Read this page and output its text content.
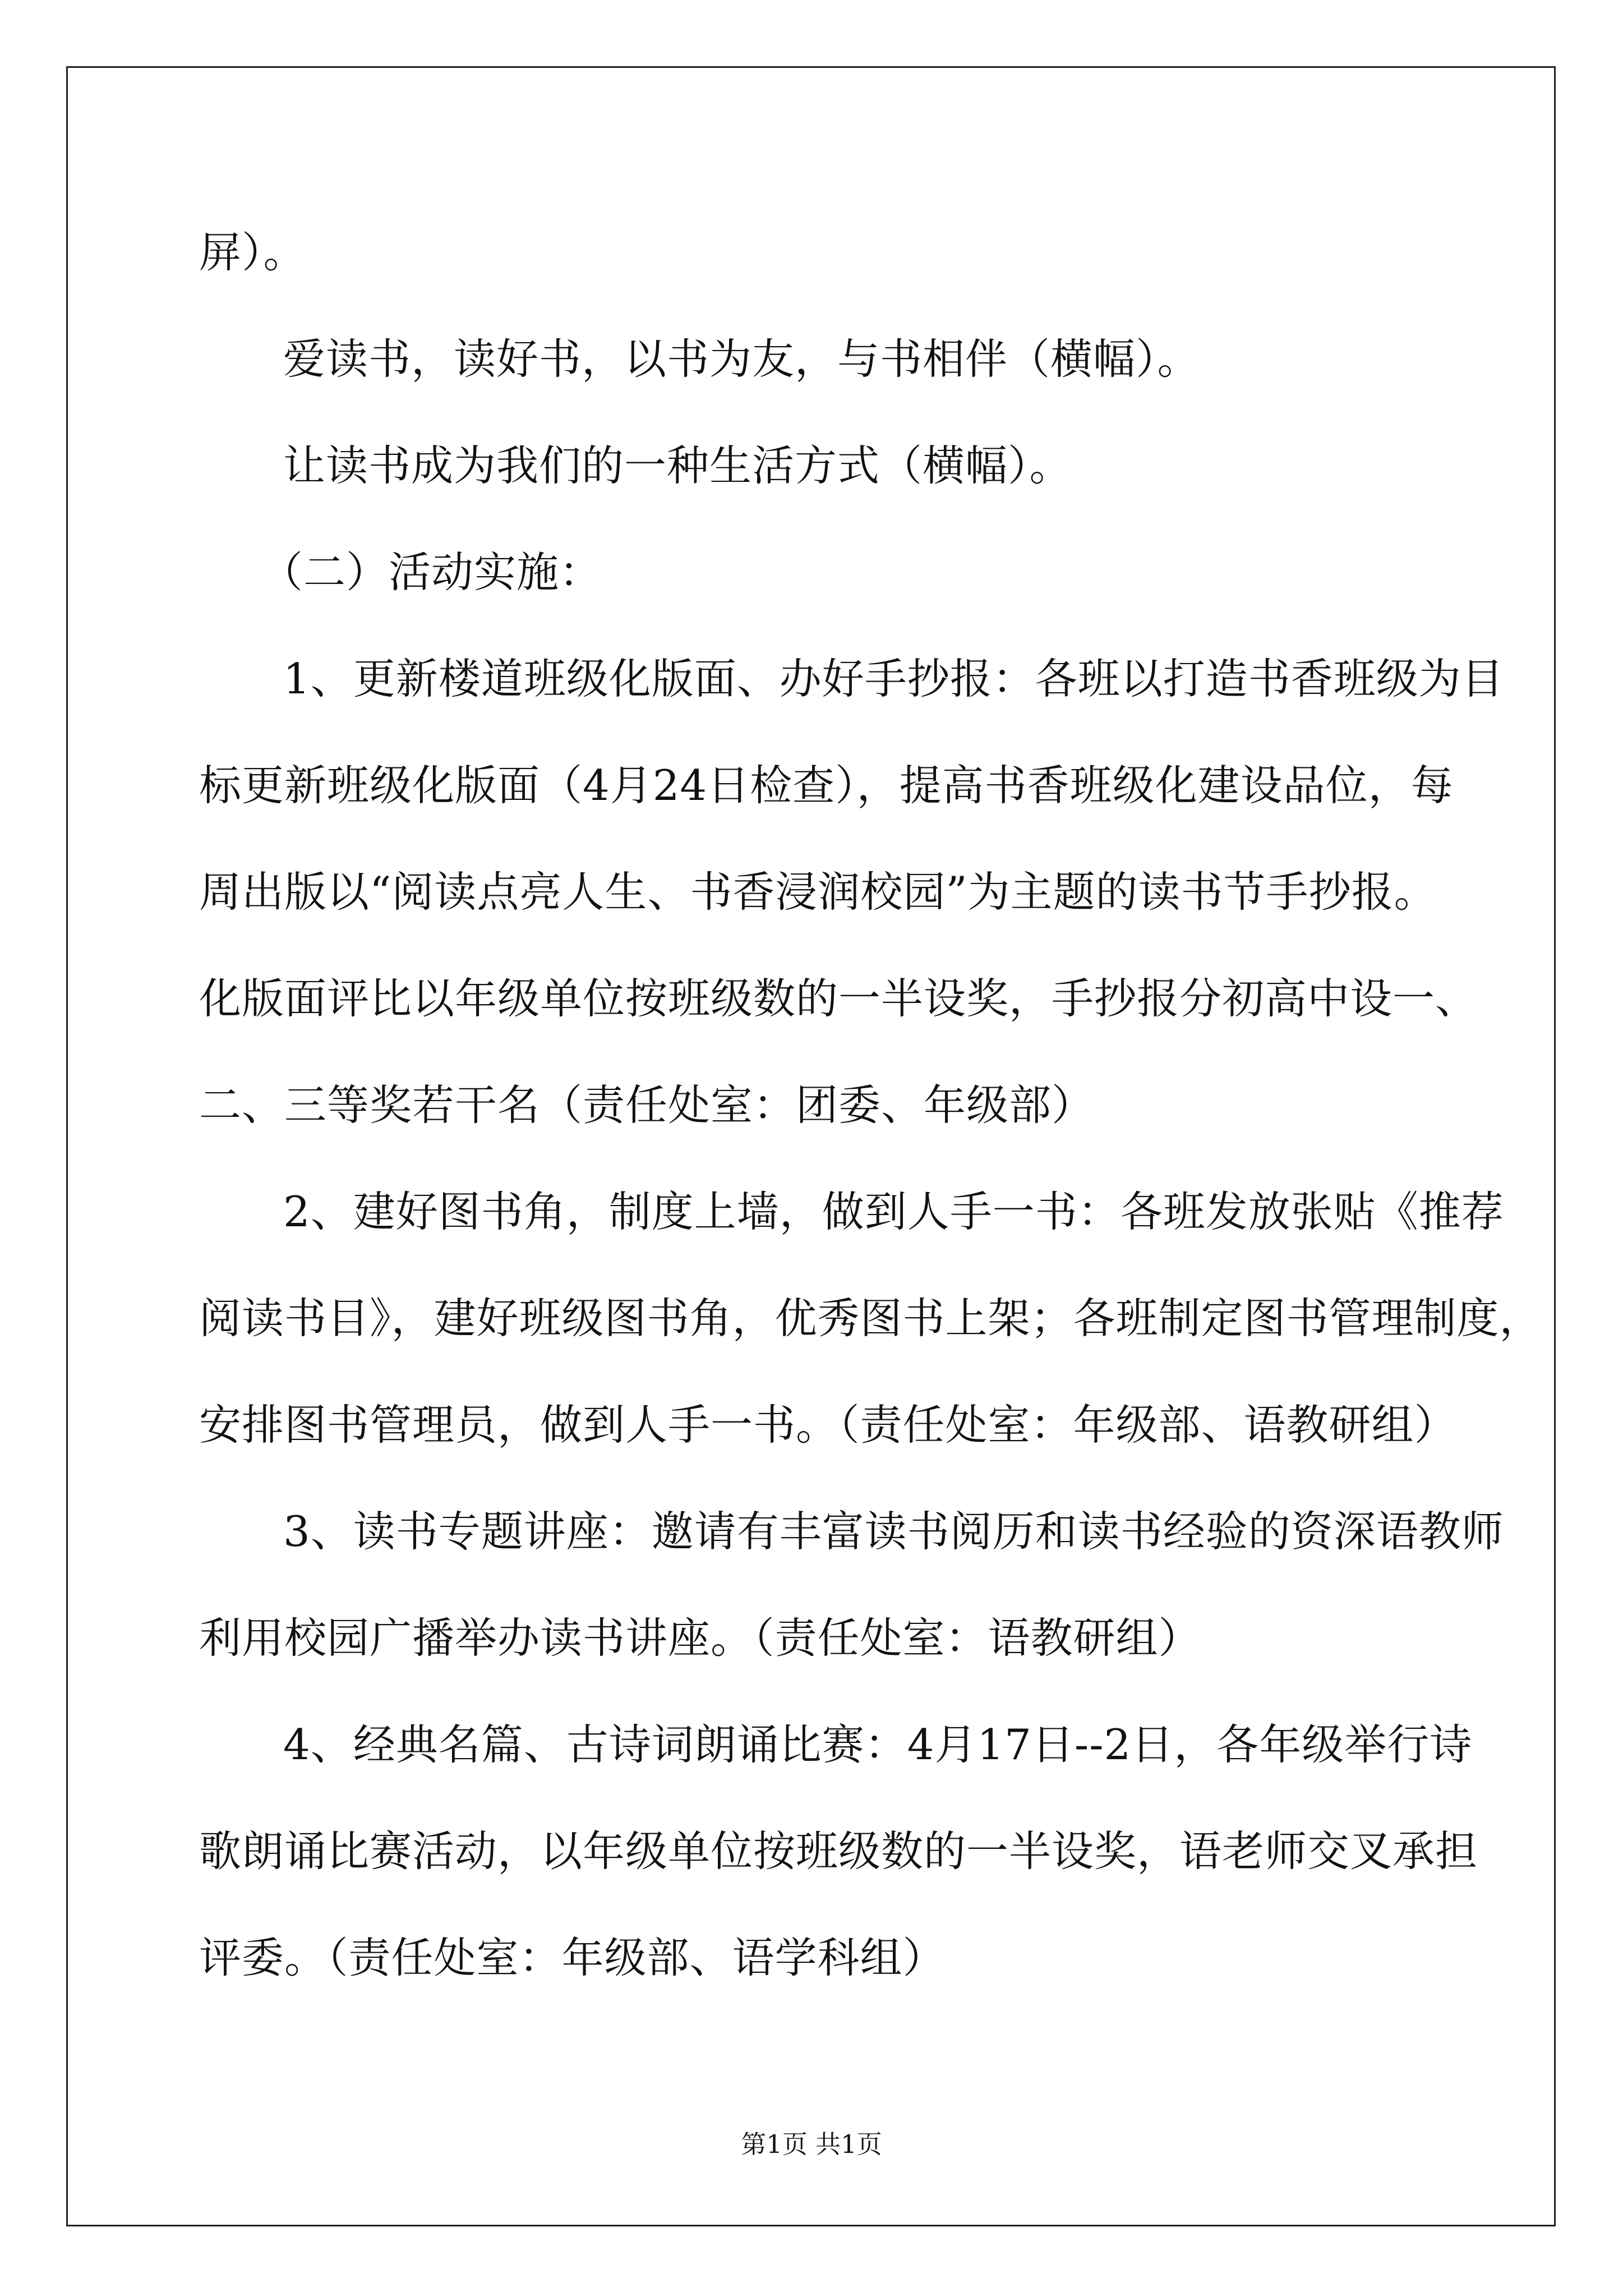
屏）。
爱读书，读好书，以书为友，与书相伴（横幅）。
让读书成为我们的一种生活方式（横幅）。
（二）活动实施：
1、更新楼道班级化版面、办好手抄报：各班以打造书香班级为目
标更新班级化版面（4月24日检查），提高书香班级化建设品位，每
周出版以“阅读点亮人生、书香浸润校园”为主题的读书节手抄报。
化版面评比以年级单位按班级数的一半设奖，手抄报分初高中设一、
二、三等奖若干名（责任处室：团委、年级部）
2、建好图书角，制度上墙，做到人手一书：各班发放张贴《推荐
阅读书目》，建好班级图书角，优秀图书上架；各班制定图书管理制度，
安排图书管理员，做到人手一书。（责任处室：年级部、语教研组）
3、读书专题讲座：邀请有丰富读书阅历和读书经验的资深语教师
利用校园广播举办读书讲座。（责任处室：语教研组）
4、经典名篇、古诗词朗诵比赛：4月17日--2日，各年级举行诗
歌朗诵比赛活动，以年级单位按班级数的一半设奖，语老师交叉承担
评委。（责任处室：年级部、语学科组）
第1页 共1页
